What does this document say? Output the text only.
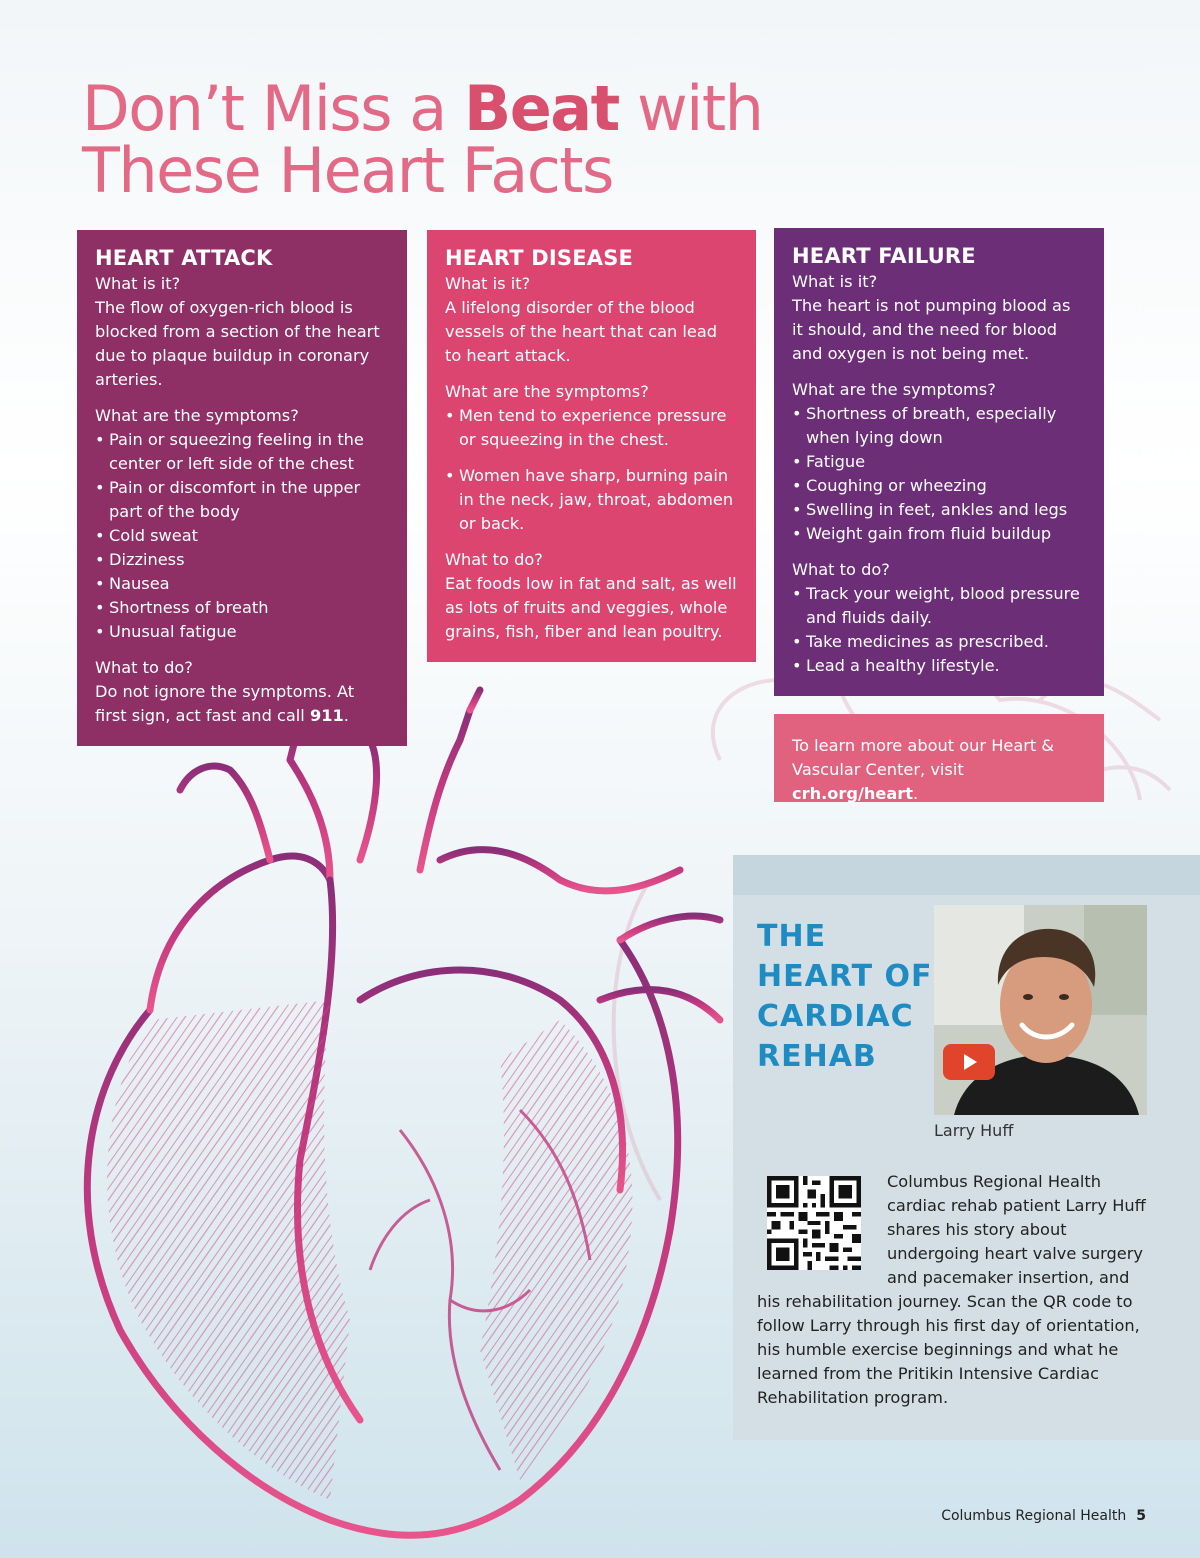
Don’t Miss a Beat with
These Heart Facts
HEART ATTACK
What is it?

The flow of oxygen-rich blood is blocked from a section of the heart due to plaque buildup in coronary arteries.

What are the symptoms?
• Pain or squeezing feeling in the center or left side of the chest
• Pain or discomfort in the upper part of the body
• Cold sweat
• Dizziness
• Nausea
• Shortness of breath
• Unusual fatigue
What to do?

Do not ignore the symptoms. At first sign, act fast and call 911.

HEART DISEASE
What is it?

A lifelong disorder of the blood vessels of the heart that can lead to heart attack.

What are the symptoms?
• Men tend to experience pressure or squeezing in the chest.
• Women have sharp, burning pain in the neck, jaw, throat, abdomen or back.
What to do?

Eat foods low in fat and salt, as well as lots of fruits and veggies, whole grains, fish, fiber and lean poultry.

HEART FAILURE
What is it?

The heart is not pumping blood as it should, and the need for blood and oxygen is not being met.

What are the symptoms?
• Shortness of breath, especially when lying down
• Fatigue
• Coughing or wheezing
• Swelling in feet, ankles and legs
• Weight gain from fluid buildup
What to do?
• Track your weight, blood pressure and fluids daily.
• Take medicines as prescribed.
• Lead a healthy lifestyle.
To learn more about our Heart & Vascular Center, visit crh.org/heart.
THE
HEART OF
CARDIAC
REHAB
Larry Huff

Columbus Regional Health cardiac rehab patient Larry Huff shares his story about undergoing heart valve surgery and pacemaker insertion, and his rehabilitation journey. Scan the QR code to follow Larry through his first day of orientation, his humble exercise beginnings and what he learned from the Pritikin Intensive Cardiac Rehabilitation program.

Columbus Regional Health 5
